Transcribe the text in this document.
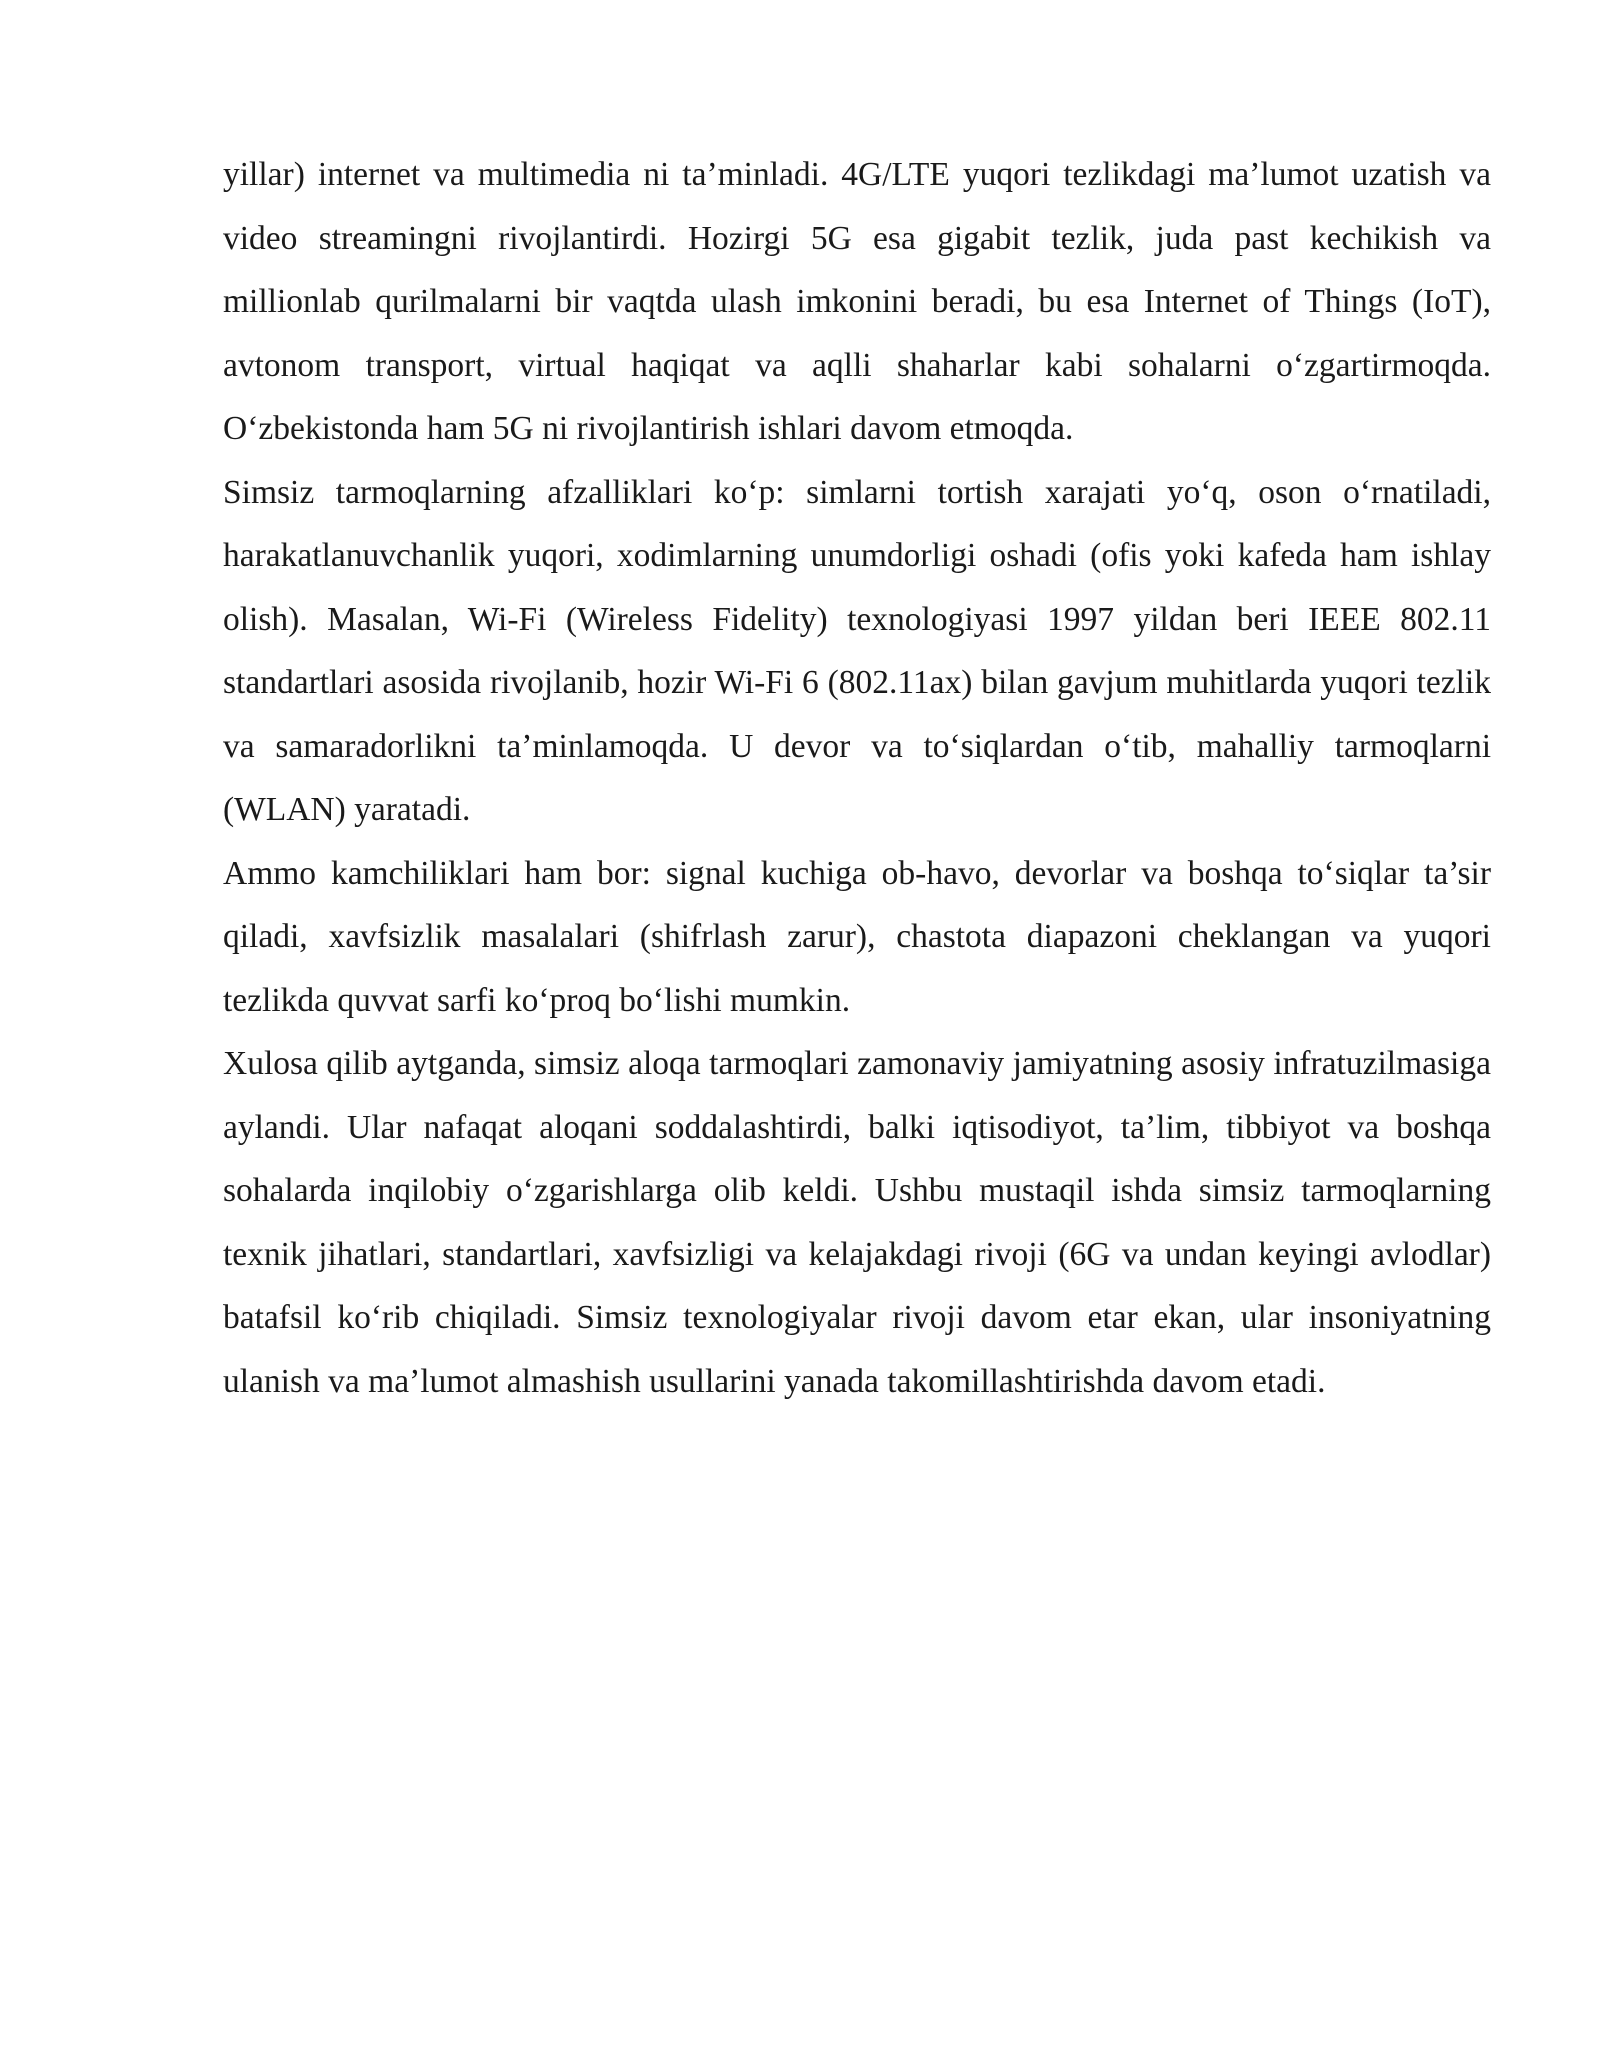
yillar) internet va multimedia ni ta’minladi. 4G/LTE yuqori tezlikdagi ma’lumot uzatish va video streamingni rivojlantirdi. Hozirgi 5G esa gigabit tezlik, juda past kechikish va millionlab qurilmalarni bir vaqtda ulash imkonini beradi, bu esa Internet of Things (IoT), avtonom transport, virtual haqiqat va aqlli shaharlar kabi sohalarni o‘zgartirmoqda. O‘zbekistonda ham 5G ni rivojlantirish ishlari davom etmoqda.

Simsiz tarmoqlarning afzalliklari ko‘p: simlarni tortish xarajati yo‘q, oson o‘rnatiladi, harakatlanuvchanlik yuqori, xodimlarning unumdorligi oshadi (ofis yoki kafeda ham ishlay olish). Masalan, Wi-Fi (Wireless Fidelity) texnologiyasi 1997 yildan beri IEEE 802.11 standartlari asosida rivojlanib, hozir Wi-Fi 6 (802.11ax) bilan gavjum muhitlarda yuqori tezlik va samaradorlikni ta’minlamoqda. U devor va to‘siqlardan o‘tib, mahalliy tarmoqlarni (WLAN) yaratadi.

Ammo kamchiliklari ham bor: signal kuchiga ob-havo, devorlar va boshqa to‘siqlar ta’sir qiladi, xavfsizlik masalalari (shifrlash zarur), chastota diapazoni cheklangan va yuqori tezlikda quvvat sarfi ko‘proq bo‘lishi mumkin.

Xulosa qilib aytganda, simsiz aloqa tarmoqlari zamonaviy jamiyatning asosiy infratuzilmasiga aylandi. Ular nafaqat aloqani soddalashtirdi, balki iqtisodiyot, ta’lim, tibbiyot va boshqa sohalarda inqilobiy o‘zgarishlarga olib keldi. Ushbu mustaqil ishda simsiz tarmoqlarning texnik jihatlari, standartlari, xavfsizligi va kelajakdagi rivoji (6G va undan keyingi avlodlar) batafsil ko‘rib chiqiladi. Simsiz texnologiyalar rivoji davom etar ekan, ular insoniyatning ulanish va ma’lumot almashish usullarini yanada takomillashtirishda davom etadi.
